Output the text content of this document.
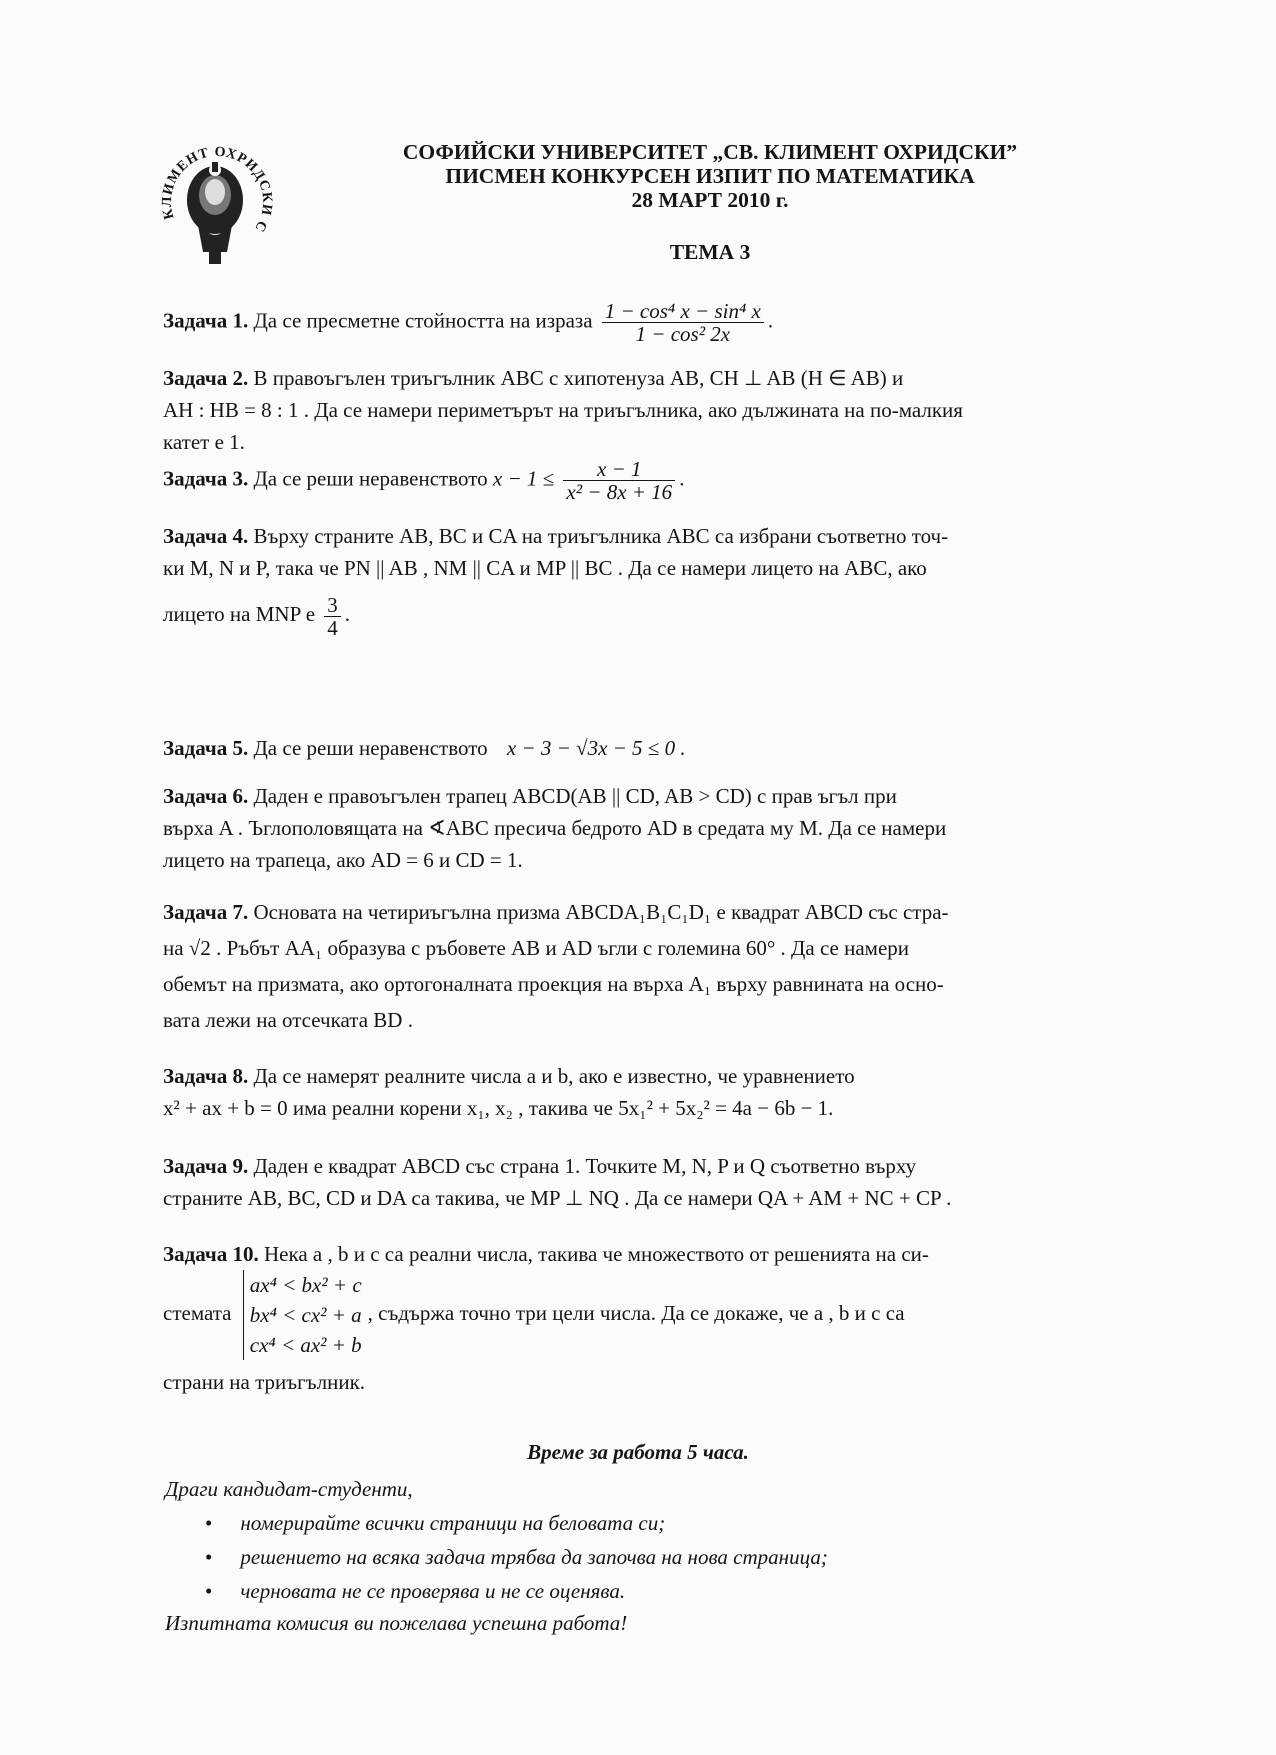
КЛИМЕНТ ОХРИДСКИ С
СОФИЙСКИ УНИВЕРСИТЕТ „СВ. КЛИМЕНТ ОХРИДСКИ”
ПИСМЕН КОНКУРСЕН ИЗПИТ ПО МАТЕМАТИКА
28 МАРТ 2010 г.
ТЕМА 3
Задача 1. Да се пресметне стойността на израза $\frac{\text{1 − cos⁴ x − sin⁴ x}}{\text{1 − cos² 2x}}$ .
Задача 2. В правоъгълен триъгълник ABC с хипотенуза AB, CH ⊥ AB (H ∈ AB) и
AH : HB = 8 : 1 . Да се намери периметърът на триъгълника, ако дължината на по-малкия
катет е 1.
Задача 3. Да се реши неравенството $x - 1 \le \frac{x - 1}{\text{x² − 8x + 16}}$ .
Задача 4. Върху страните AB, BC и CA на триъгълника ABC са избрани съответно точ-
ки M, N и P, така че PN || AB , NM || CA и MP || BC . Да се намери лицето на ABC, ако
лицето на MNP е $\frac{3}{4}$ .
Задача 5. Да се реши неравенството x − 3 − √3x − 5 ≤ 0 .
Задача 6. Даден е правоъгълен трапец ABCD(AB || CD, AB > CD) с прав ъгъл при
върха A . Ъглополовящата на ∢ABC пресича бедрото AD в средата му M. Да се намери
лицето на трапеца, ако AD = 6 и CD = 1.
Задача 7. Основата на четириъгълна призма ABCDA₁B₁C₁D₁ е квадрат ABCD със стра-
на √2 . Ръбът AA₁ образува с ръбовете AB и AD ъгли с големина 60° . Да се намери
обемът на призмата, ако ортогоналната проекция на върха A₁ върху равнината на осно-
вата лежи на отсечката BD .
Задача 8. Да се намерят реалните числа a и b, ако е известно, че уравнението
x² + ax + b = 0 има реални корени x₁, x₂ , такива че 5x₁² + 5x₂² = 4a − 6b − 1.
Задача 9. Даден е квадрат ABCD със страна 1. Точките M, N, P и Q съответно върху
страните AB, BC, CD и DA са такива, че MP ⊥ NQ . Да се намери QA + AM + NC + CP .
Задача 10. Нека a , b и c са реални числа, такива че множеството от решенията на си-
стемата
ax⁴ < bx² + c
bx⁴ < cx² + a
cx⁴ < ax² + b
, съдържа точно три цели числа. Да се докаже, че a , b и c са
страни на триъгълник.
Време за работа 5 часа.
Драги кандидат-студенти,
• номерирайте всички страници на беловата си;
• решението на всяка задача трябва да започва на нова страница;
• черновата не се проверява и не се оценява.
Изпитната комисия ви пожелава успешна работа!
